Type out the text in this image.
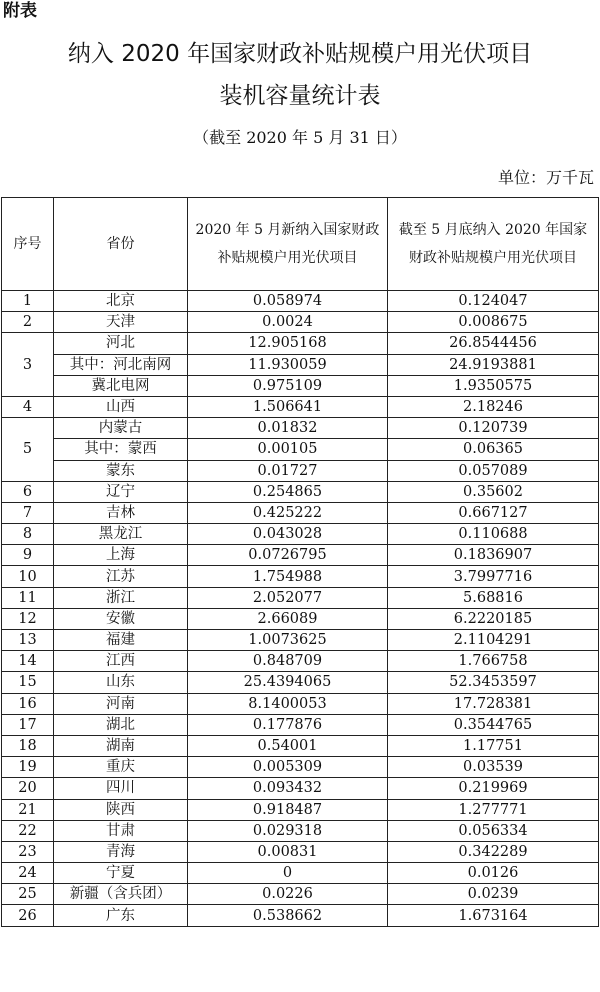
附表
纳入 2020 年国家财政补贴规模户用光伏项目
装机容量统计表
（截至 2020 年 5 月 31 日）
单位：万千瓦
序号	省份	2020 年 5 月新纳入国家财政补贴规模户用光伏项目	截至 5 月底纳入 2020 年国家财政补贴规模户用光伏项目
1	北京	0.058974	0.124047
2	天津	0.0024	0.008675
3	河北	12.905168	26.8544456
	其中：河北南网	11.930059	24.9193881
	冀北电网	0.975109	1.9350575
4	山西	1.506641	2.18246
5	内蒙古	0.01832	0.120739
	其中：蒙西	0.00105	0.06365
	蒙东	0.01727	0.057089
6	辽宁	0.254865	0.35602
7	吉林	0.425222	0.667127
8	黑龙江	0.043028	0.110688
9	上海	0.0726795	0.1836907
10	江苏	1.754988	3.7997716
11	浙江	2.052077	5.68816
12	安徽	2.66089	6.2220185
13	福建	1.0073625	2.1104291
14	江西	0.848709	1.766758
15	山东	25.4394065	52.3453597
16	河南	8.1400053	17.728381
17	湖北	0.177876	0.3544765
18	湖南	0.54001	1.17751
19	重庆	0.005309	0.03539
20	四川	0.093432	0.219969
21	陕西	0.918487	1.277771
22	甘肃	0.029318	0.056334
23	青海	0.00831	0.342289
24	宁夏	0	0.0126
25	新疆（含兵团）	0.0226	0.0239
26	广东	0.538662	1.673164
